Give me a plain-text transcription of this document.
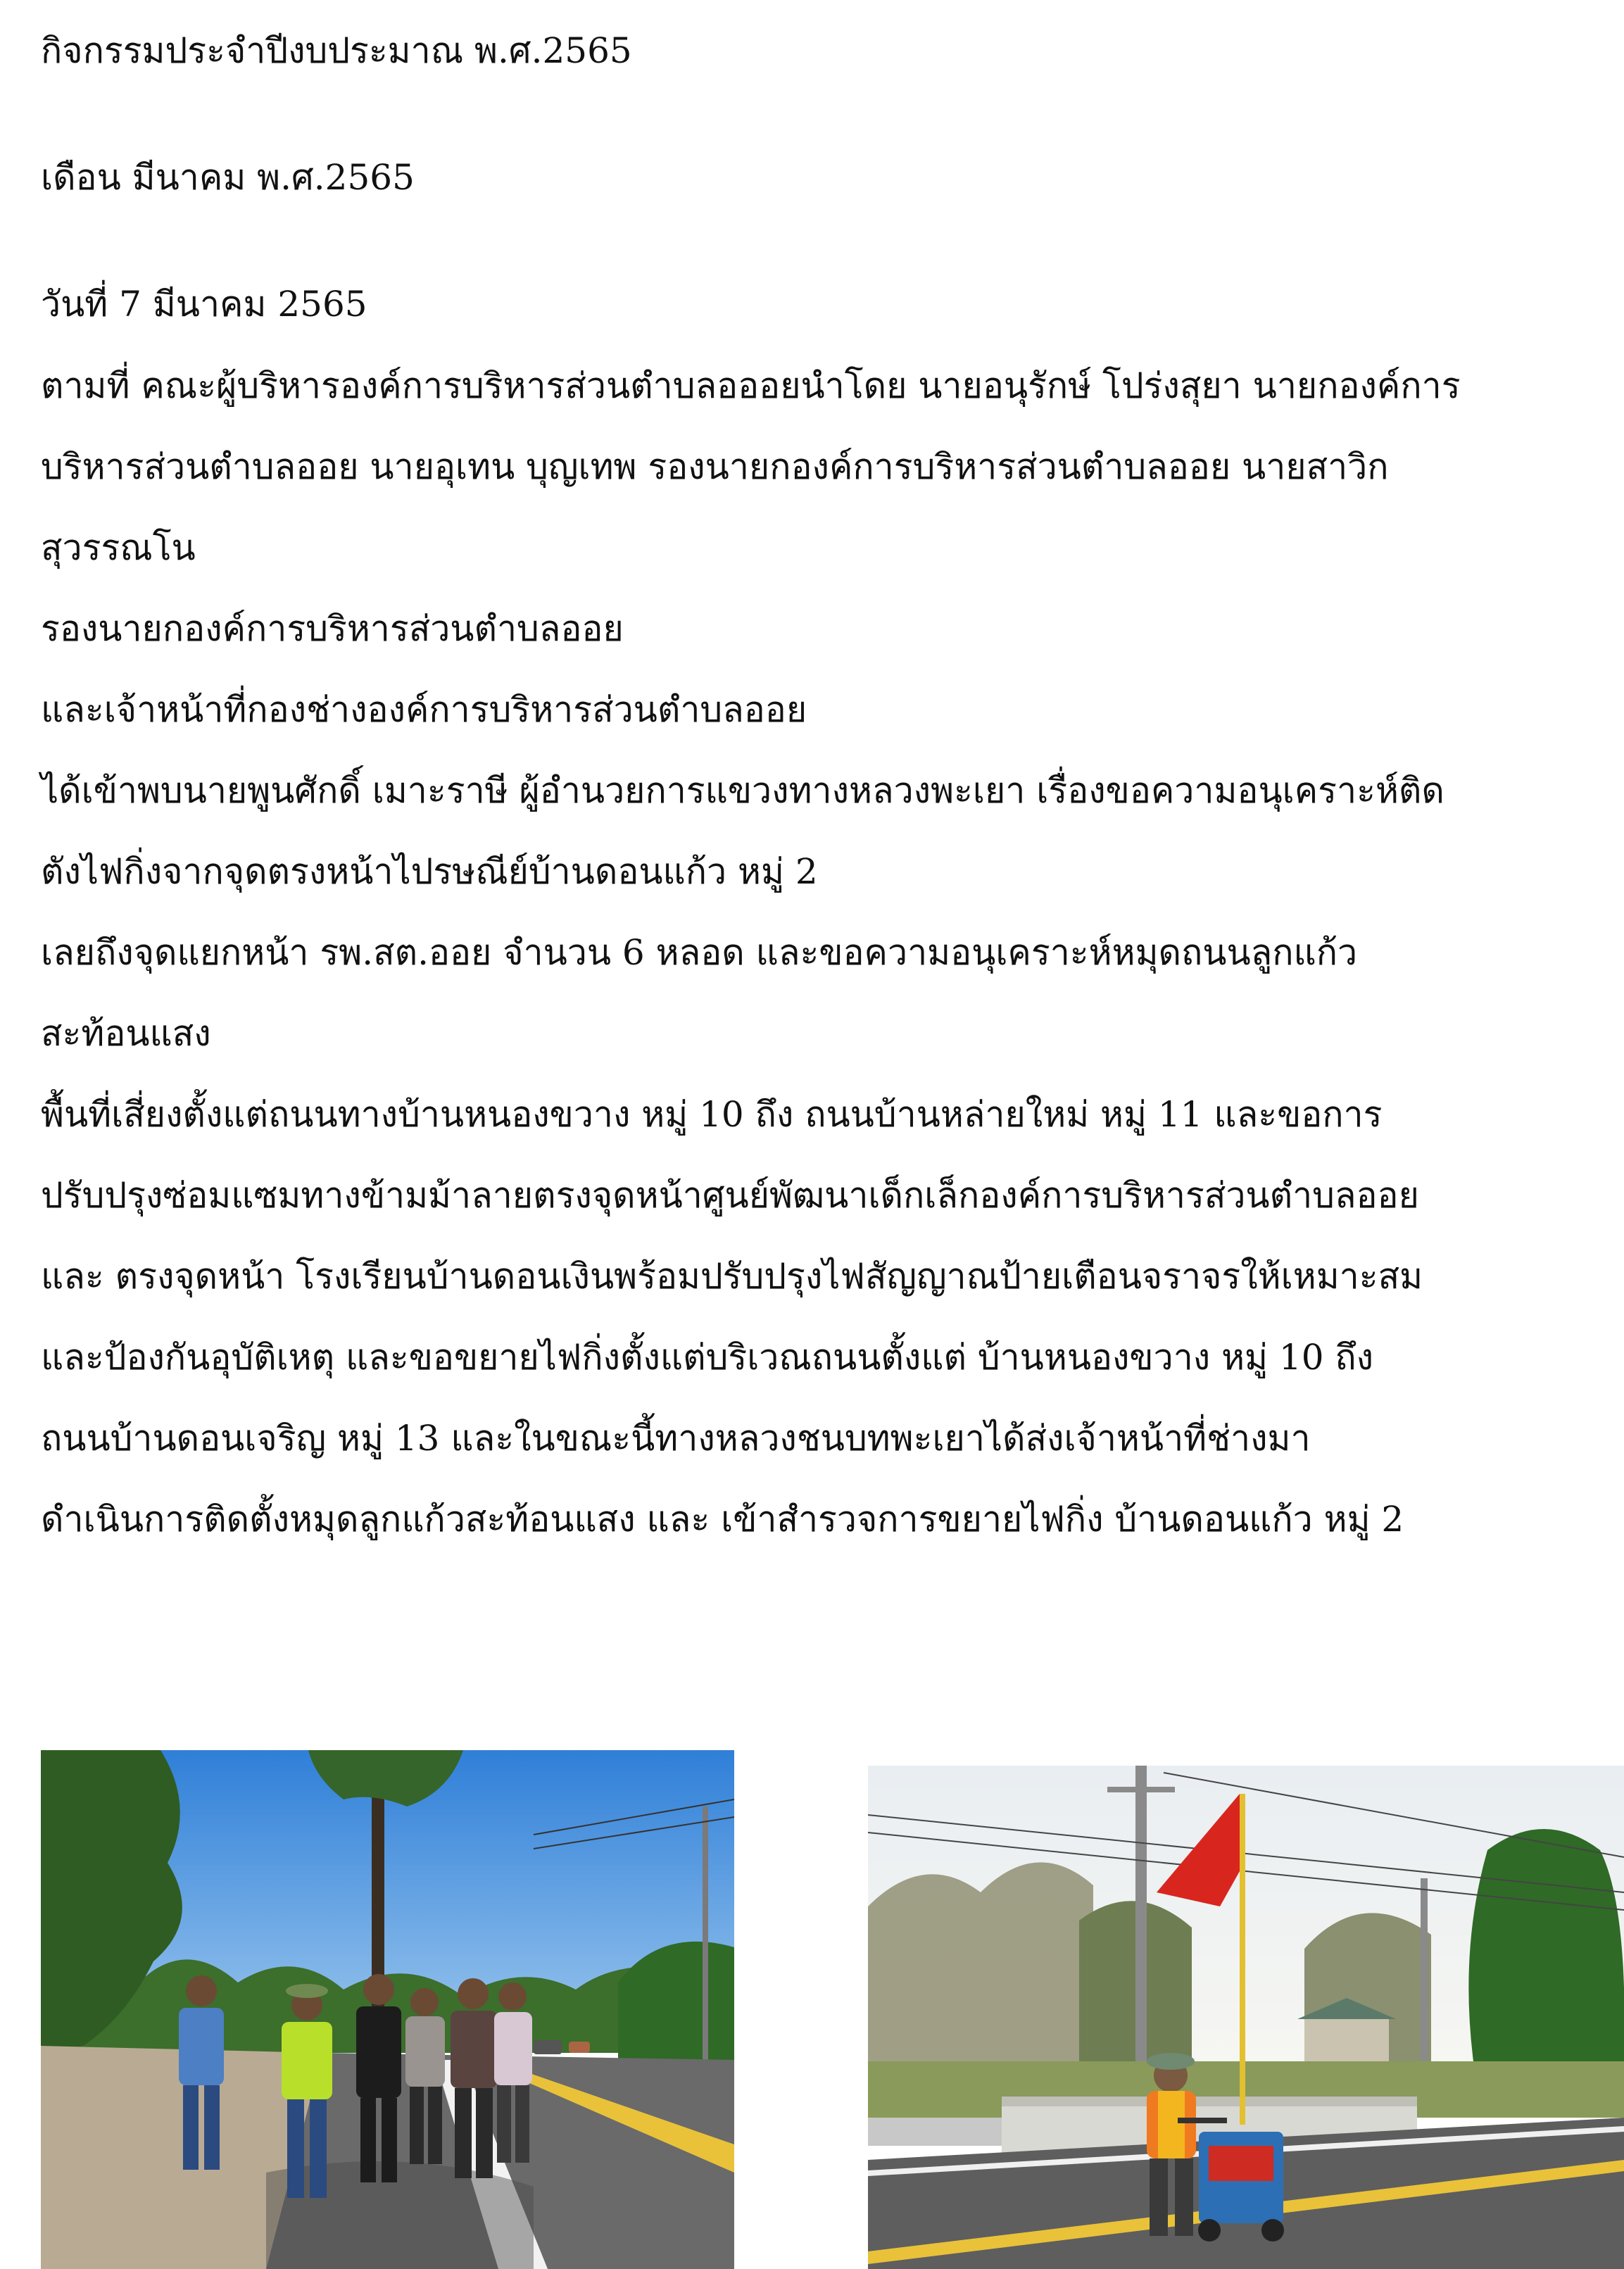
กิจกรรมประจำปีงบประมาณ พ.ศ.2565

เดือน มีนาคม พ.ศ.2565

วันที่ 7 มีนาคม 2565

ตามที่ คณะผู้บริหารองค์การบริหารส่วนตำบลอออยนำโดย นายอนุรักษ์ โปร่งสุยา นายกองค์การ

บริหารส่วนตำบลออย นายอุเทน บุญเทพ รองนายกองค์การบริหารส่วนตำบลออย นายสาวิก

สุวรรณโน

รองนายกองค์การบริหารส่วนตำบลออย

และเจ้าหน้าที่กองช่างองค์การบริหารส่วนตำบลออย

ได้เข้าพบนายพูนศักดิ์ เมาะราษี ผู้อำนวยการแขวงทางหลวงพะเยา เรื่องขอความอนุเคราะห์ติด

ตังไฟกิ่งจากจุดตรงหน้าไปรษณีย์บ้านดอนแก้ว หมู่ 2

เลยถึงจุดแยกหน้า รพ.สต.ออย จำนวน 6 หลอด และขอความอนุเคราะห์หมุดถนนลูกแก้ว

สะท้อนแสง

พื้นที่เสี่ยงตั้งแต่ถนนทางบ้านหนองขวาง หมู่ 10 ถึง ถนนบ้านหล่ายใหม่ หมู่ 11 และขอการ

ปรับปรุงซ่อมแซมทางข้ามม้าลายตรงจุดหน้าศูนย์พัฒนาเด็กเล็กองค์การบริหารส่วนตำบลออย

และ ตรงจุดหน้า โรงเรียนบ้านดอนเงินพร้อมปรับปรุงไฟสัญญาณป้ายเตือนจราจรให้เหมาะสม

และป้องกันอุบัติเหตุ และขอขยายไฟกิ่งตั้งแต่บริเวณถนนตั้งแต่ บ้านหนองขวาง หมู่ 10 ถึง

ถนนบ้านดอนเจริญ หมู่ 13 และในขณะนี้ทางหลวงชนบทพะเยาได้ส่งเจ้าหน้าที่ช่างมา

ดำเนินการติดตั้งหมุดลูกแก้วสะท้อนแสง และ เข้าสำรวจการขยายไฟกิ่ง บ้านดอนแก้ว หมู่ 2
